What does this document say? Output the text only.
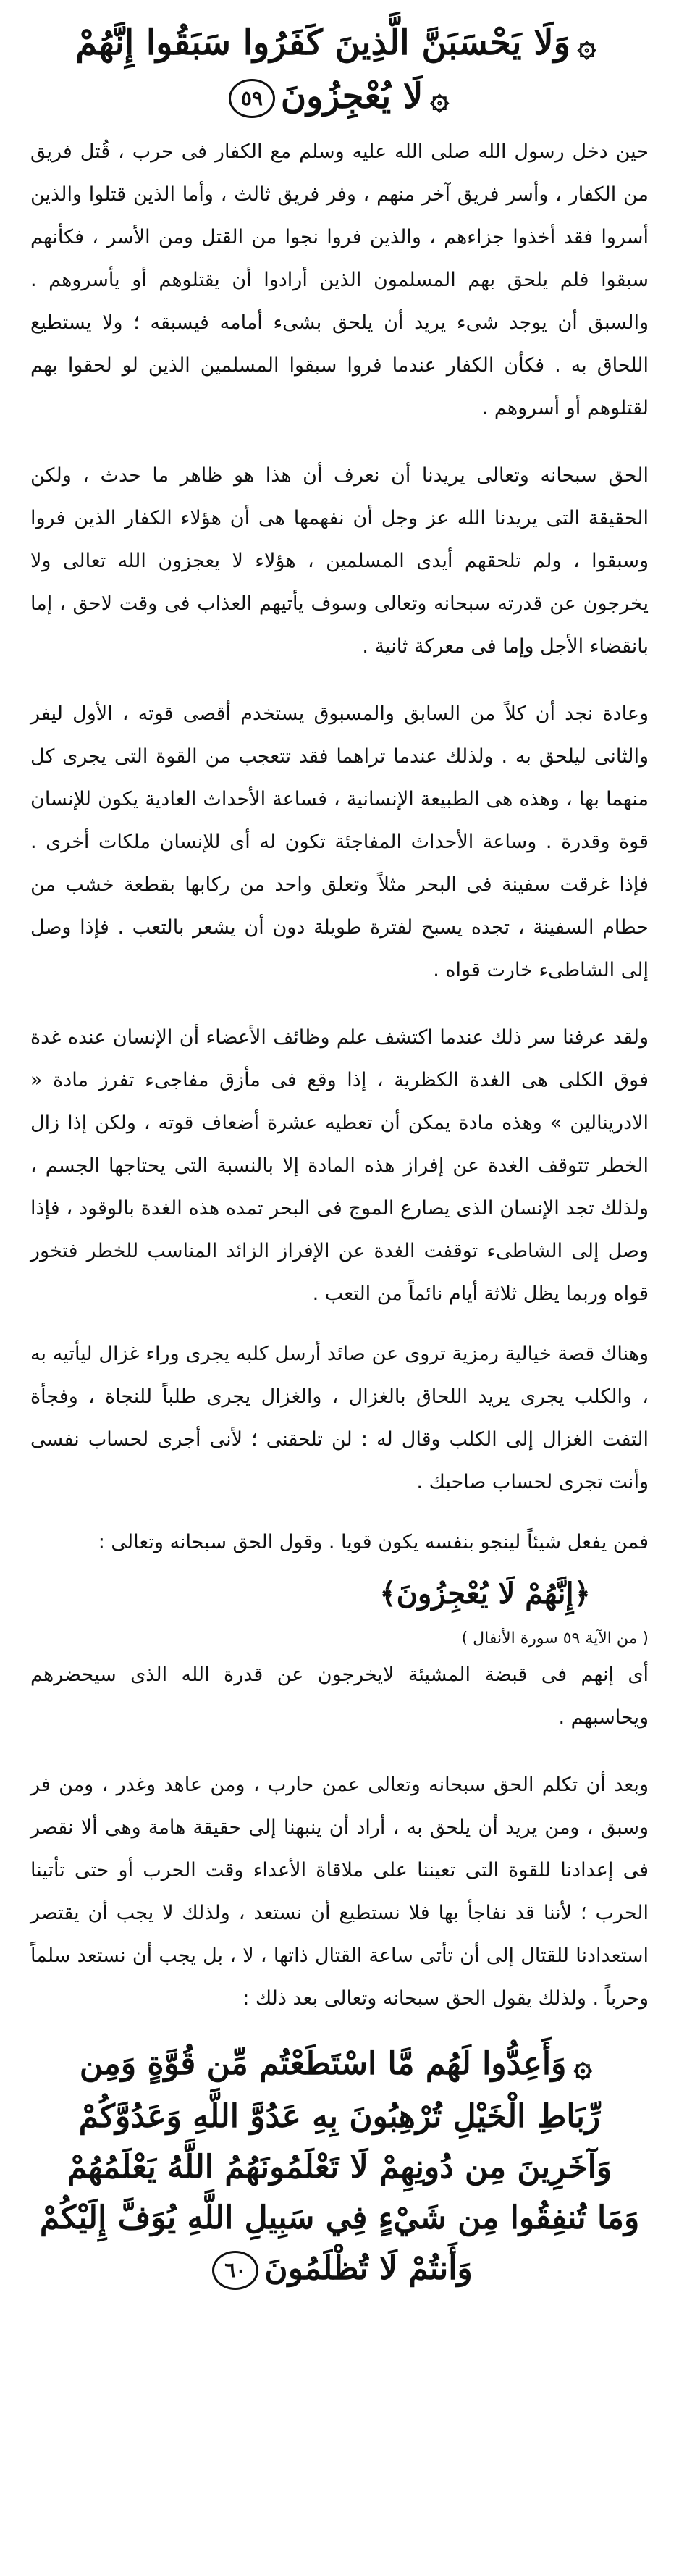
۞وَلَا يَحْسَبَنَّ الَّذِينَ كَفَرُوا سَبَقُوا إِنَّهُمْ
۞لَا يُعْجِزُونَ٥٩

حين دخل رسول الله صلى الله عليه وسلم مع الكفار فى حرب ، قُتل فريق من الكفار ، وأسر فريق آخر منهم ، وفر فريق ثالث ، وأما الذين قتلوا والذين أسروا فقد أخذوا جزاءهم ، والذين فروا نجوا من القتل ومن الأسر ، فكأنهم سبقوا فلم يلحق بهم المسلمون الذين أرادوا أن يقتلوهم أو يأسروهم . والسبق أن يوجد شىء يريد أن يلحق بشىء أمامه فيسبقه ؛ ولا يستطيع اللحاق به . فكأن الكفار عندما فروا سبقوا المسلمين الذين لو لحقوا بهم لقتلوهم أو أسروهم .

الحق سبحانه وتعالى يريدنا أن نعرف أن هذا هو ظاهر ما حدث ، ولكن الحقيقة التى يريدنا الله عز وجل أن نفهمها هى أن هؤلاء الكفار الذين فروا وسبقوا ، ولم تلحقهم أيدى المسلمين ، هؤلاء لا يعجزون الله تعالى ولا يخرجون عن قدرته سبحانه وتعالى وسوف يأتيهم العذاب فى وقت لاحق ، إما بانقضاء الأجل وإما فى معركة ثانية .

وعادة نجد أن كلاً من السابق والمسبوق يستخدم أقصى قوته ، الأول ليفر والثانى ليلحق به . ولذلك عندما تراهما فقد تتعجب من القوة التى يجرى كل منهما بها ، وهذه هى الطبيعة الإنسانية ، فساعة الأحداث العادية يكون للإنسان قوة وقدرة . وساعة الأحداث المفاجئة تكون له أى للإنسان ملكات أخرى . فإذا غرقت سفينة فى البحر مثلاً وتعلق واحد من ركابها بقطعة خشب من حطام السفينة ، تجده يسبح لفترة طويلة دون أن يشعر بالتعب . فإذا وصل إلى الشاطىء خارت قواه .

ولقد عرفنا سر ذلك عندما اكتشف علم وظائف الأعضاء أن الإنسان عنده غدة فوق الكلى هى الغدة الكظرية ، إذا وقع فى مأزق مفاجىء تفرز مادة « الادرينالين » وهذه مادة يمكن أن تعطيه عشرة أضعاف قوته ، ولكن إذا زال الخطر تتوقف الغدة عن إفراز هذه المادة إلا بالنسبة التى يحتاجها الجسم ، ولذلك تجد الإنسان الذى يصارع الموج فى البحر تمده هذه الغدة بالوقود ، فإذا وصل إلى الشاطىء توقفت الغدة عن الإفراز الزائد المناسب للخطر فتخور قواه وربما يظل ثلاثة أيام نائماً من التعب .

وهناك قصة خيالية رمزية تروى عن صائد أرسل كلبه يجرى وراء غزال ليأتيه به ، والكلب يجرى يريد اللحاق بالغزال ، والغزال يجرى طلباً للنجاة ، وفجأة التفت الغزال إلى الكلب وقال له : لن تلحقنى ؛ لأنى أجرى لحساب نفسى وأنت تجرى لحساب صاحبك .

فمن يفعل شيئاً لينجو بنفسه يكون قويا . وقول الحق سبحانه وتعالى :

﴿إِنَّهُمْ لَا يُعْجِزُونَ﴾
( من الآية ٥٩ سورة الأنفال )

أى إنهم فى قبضة المشيئة لايخرجون عن قدرة الله الذى سيحضرهم ويحاسبهم .

وبعد أن تكلم الحق سبحانه وتعالى عمن حارب ، ومن عاهد وغدر ، ومن فر وسبق ، ومن يريد أن يلحق به ، أراد أن ينبهنا إلى حقيقة هامة وهى ألا نقصر فى إعدادنا للقوة التى تعيننا على ملاقاة الأعداء وقت الحرب أو حتى تأتينا الحرب ؛ لأننا قد نفاجأ بها فلا نستطيع أن نستعد ، ولذلك لا يجب أن يقتصر استعدادنا للقتال إلى أن تأتى ساعة القتال ذاتها ، لا ، بل يجب أن نستعد سلماً وحرباً . ولذلك يقول الحق سبحانه وتعالى بعد ذلك :

۞وَأَعِدُّوا لَهُم مَّا اسْتَطَعْتُم مِّن قُوَّةٍ وَمِن
رِّبَاطِ الْخَيْلِ تُرْهِبُونَ بِهِ عَدُوَّ اللَّهِ وَعَدُوَّكُمْ
وَآخَرِينَ مِن دُونِهِمْ لَا تَعْلَمُونَهُمُ اللَّهُ يَعْلَمُهُمْ
وَمَا تُنفِقُوا مِن شَيْءٍ فِي سَبِيلِ اللَّهِ يُوَفَّ إِلَيْكُمْ
وَأَنتُمْ لَا تُظْلَمُونَ٦٠
